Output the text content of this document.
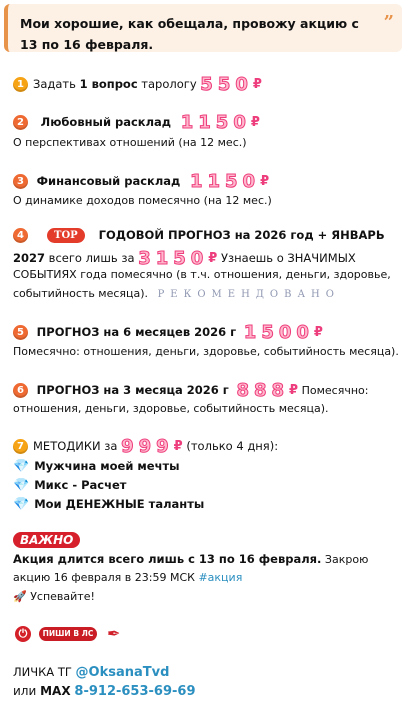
Мои хорошие, как обещала, провожу акцию с 13 по 16 февраля.
”
1 Задать 1 вопрос тарологу 550₽
2 Любовный расклад 1150₽
О перспективах отношений (на 12 мес.)
3 Финансовый расклад 1150₽
О динамике доходов помесячно (на 12 мес.)
4	TOP ГОДОВОЙ ПРОГНОЗ на 2026 год + ЯНВАРЬ
2027 всего лишь за 3150₽ Узнаешь о ЗНАЧИМЫХ
СОБЫТИЯХ года помесячно (в т.ч. отношения, деньги, здоровье,
событийность месяца). РЕКОМЕНДОВАНО
5 ПРОГНОЗ на 6 месяцев 2026 г 1500₽
Помесячно: отношения, деньги, здоровье, событийность месяца).
6 ПРОГНОЗ на 3 месяца 2026 г 888₽ Помесячно:
отношения, деньги, здоровье, событийность месяца).
7 МЕТОДИКИ за 999₽ (только 4 дня):
💎 Мужчина моей мечты
💎 Микс - Расчет
💎 Мои ДЕНЕЖНЫЕ таланты
ВАЖНО
Акция длится всего лишь с 13 по 16 февраля. Закрою
акцию 16 февраля в 23:59 МСК #акция
🚀 Успевайте!
⏻	ПИШИ В ЛС ✒
ЛИЧКА ТГ @OksanaTvd
или MAX 8-912-653-69-69
